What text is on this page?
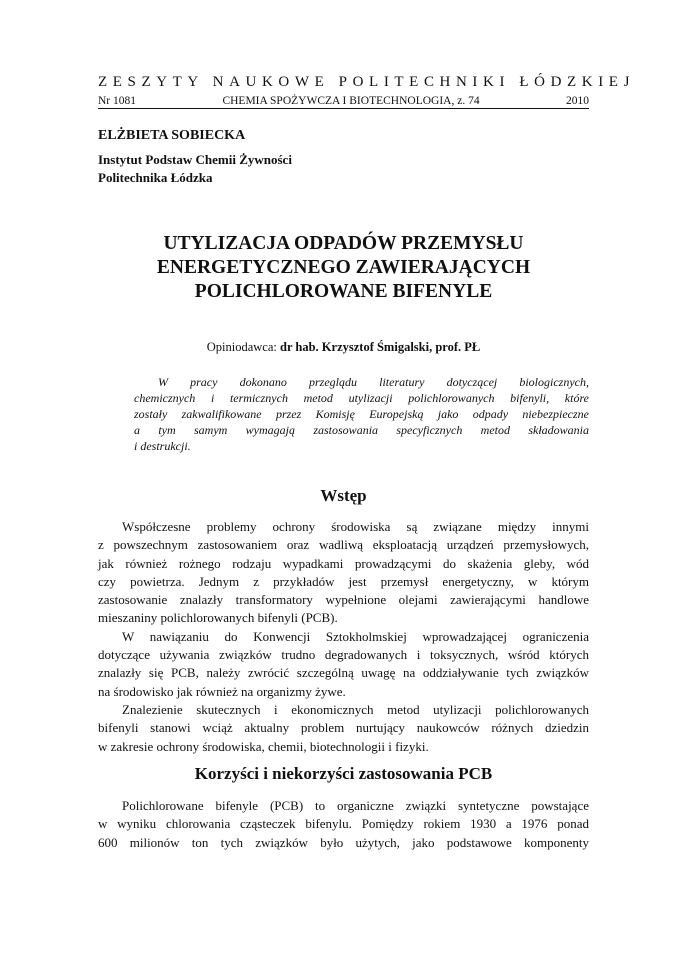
ZESZYTY NAUKOWE POLITECHNIKI ŁÓDZKIEJ
Nr 1081	CHEMIA SPOŻYWCZA I BIOTECHNOLOGIA, z. 74	2010
ELŻBIETA SOBIECKA
Instytut Podstaw Chemii Żywności
Politechnika Łódzka
UTYLIZACJA ODPADÓW PRZEMYSŁU
ENERGETYCZNEGO ZAWIERAJĄCYCH
POLICHLOROWANE BIFENYLE
Opiniodawca: dr hab. Krzysztof Śmigalski, prof. PŁ
W pracy dokonano przeglądu literatury dotyczącej biologicznych,
chemicznych i termicznych metod utylizacji polichlorowanych bifenyli, które
zostały zakwalifikowane przez Komisję Europejską jako odpady niebezpieczne
a tym samym wymagają zastosowania specyficznych metod składowania
i destrukcji.
Wstęp
Współczesne problemy ochrony środowiska są związane między innymi
z powszechnym zastosowaniem oraz wadliwą eksploatacją urządzeń przemysłowych,
jak również rożnego rodzaju wypadkami prowadzącymi do skażenia gleby, wód
czy powietrza. Jednym z przykładów jest przemysł energetyczny, w którym
zastosowanie znalazły transformatory wypełnione olejami zawierającymi handlowe
mieszaniny polichlorowanych bifenyli (PCB).
W nawiązaniu do Konwencji Sztokholmskiej wprowadzającej ograniczenia
dotyczące używania związków trudno degradowanych i toksycznych, wśród których
znalazły się PCB, należy zwrócić szczególną uwagę na oddziaływanie tych związków
na środowisko jak również na organizmy żywe.
Znalezienie skutecznych i ekonomicznych metod utylizacji polichlorowanych
bifenyli stanowi wciąż aktualny problem nurtujący naukowców różnych dziedzin
w zakresie ochrony środowiska, chemii, biotechnologii i fizyki.
Korzyści i niekorzyści zastosowania PCB
Polichlorowane bifenyle (PCB) to organiczne związki syntetyczne powstające
w wyniku chlorowania cząsteczek bifenylu. Pomiędzy rokiem 1930 a 1976 ponad
600 milionów ton tych związków było użytych, jako podstawowe komponenty
